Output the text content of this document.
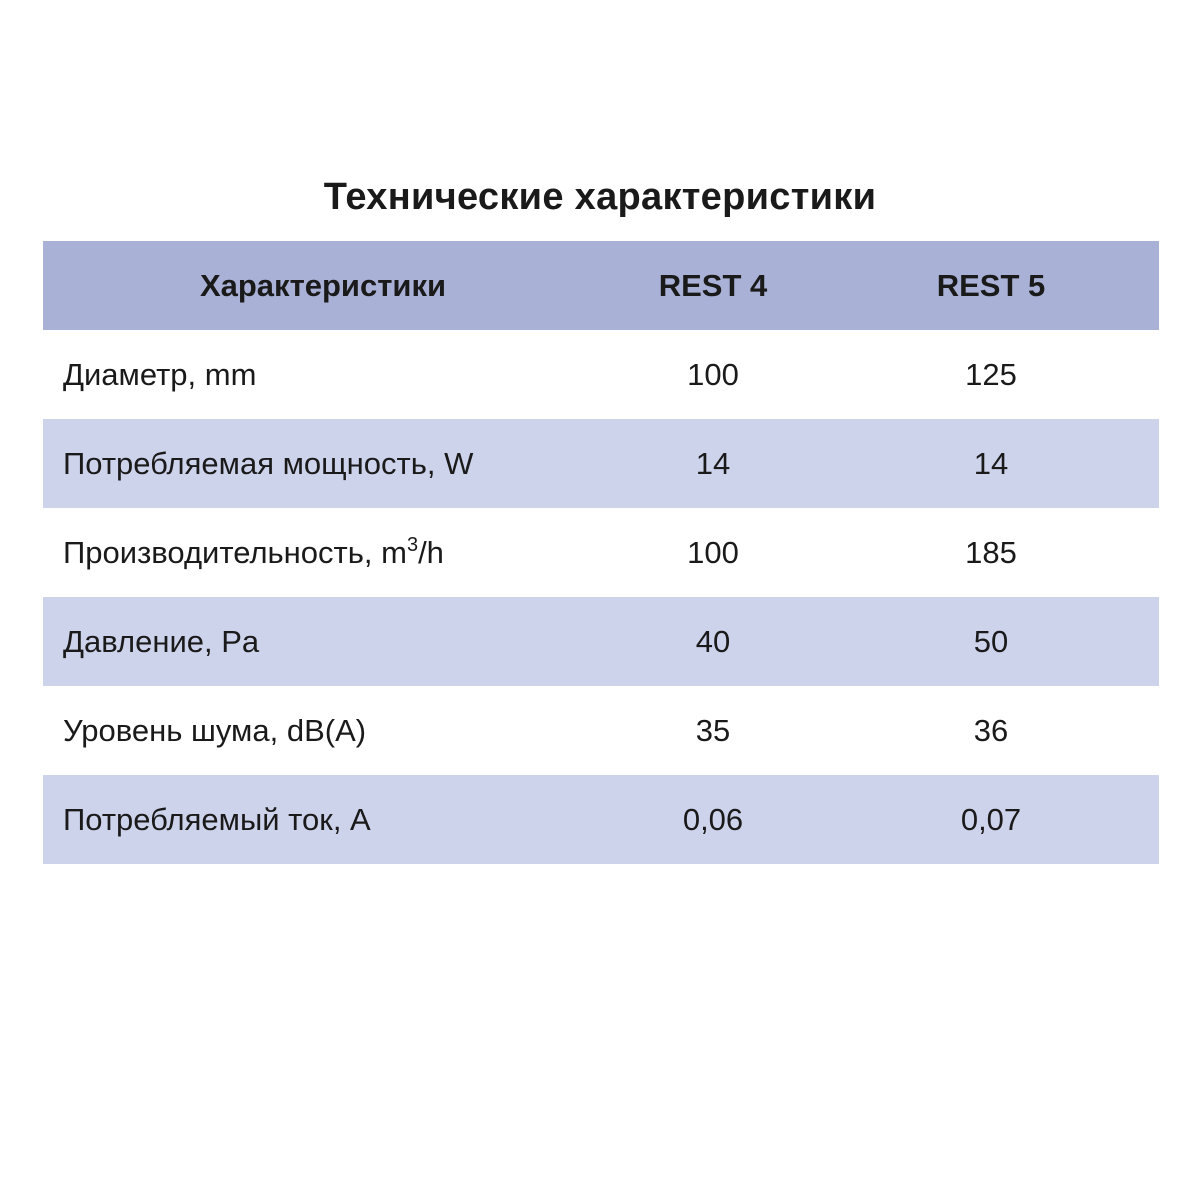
Технические характеристики
Характеристики	REST 4	REST 5
Диаметр, mm	100	125
Потребляемая мощность, W	14	14
Производительность, $m^3/h$	100	185
Давление, Pa	40	50
Уровень шума, dB(A)	35	36
Потребляемый ток, A	0,06	0,07
